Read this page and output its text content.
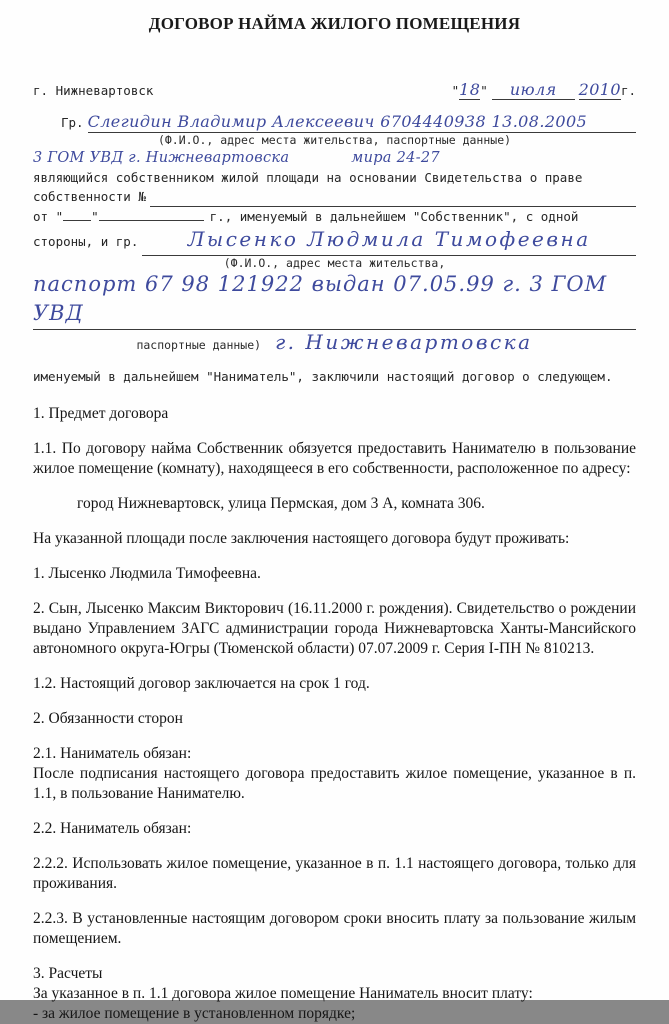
ДОГОВОР НАЙМА ЖИЛОГО ПОМЕЩЕНИЯ
г. Нижневартовск	"18" июля 2010г.
Гр. Слегидин Владимир Алексеевич 6704440938 13.08.2005
(Ф.И.О., адрес места жительства, паспортные данные)
3 ГОМ УВД г. Нижневартовска	мира 24-27
являющийся собственником жилой площади на основании Свидетельства о праве
собственности №

от " "	г., именуемый в дальнейшем "Собственник", с одной
стороны, и гр.	Лысенко Людмила Тимофеевна
(Ф.И.О., адрес места жительства,
паспорт 67 98 121922 выдан 07.05.99 г. 3 ГОМ УВД
паспортные данные) г. Нижневартовска
именуемый в дальнейшем "Наниматель", заключили настоящий договор о следующем.

1. Предмет договора

1.1. По договору найма Собственник обязуется предоставить Нанимателю в пользование жилое помещение (комнату), находящееся в его собственности, расположенное по адресу:

город Нижневартовск, улица Пермская, дом 3 А, комната 306.

На указанной площади после заключения настоящего договора будут проживать:

1. Лысенко Людмила Тимофеевна.

2. Сын, Лысенко Максим Викторович (16.11.2000 г. рождения). Свидетельство о рождении выдано Управлением ЗАГС администрации города Нижневартовска Ханты-Мансийского автономного округа-Югры (Тюменской области) 07.07.2009 г. Серия I-ПН № 810213.

1.2. Настоящий договор заключается на срок 1 год.

2. Обязанности сторон

2.1. Наниматель обязан:

После подписания настоящего договора предоставить жилое помещение, указанное в п. 1.1, в пользование Нанимателю.

2.2. Наниматель обязан:

2.2.2. Использовать жилое помещение, указанное в п. 1.1 настоящего договора, только для проживания.

2.2.3. В установленные настоящим договором сроки вносить плату за пользование жилым помещением.

3. Расчеты

За указанное в п. 1.1 договора жилое помещение Наниматель вносит плату:

- за жилое помещение в установленном порядке;
